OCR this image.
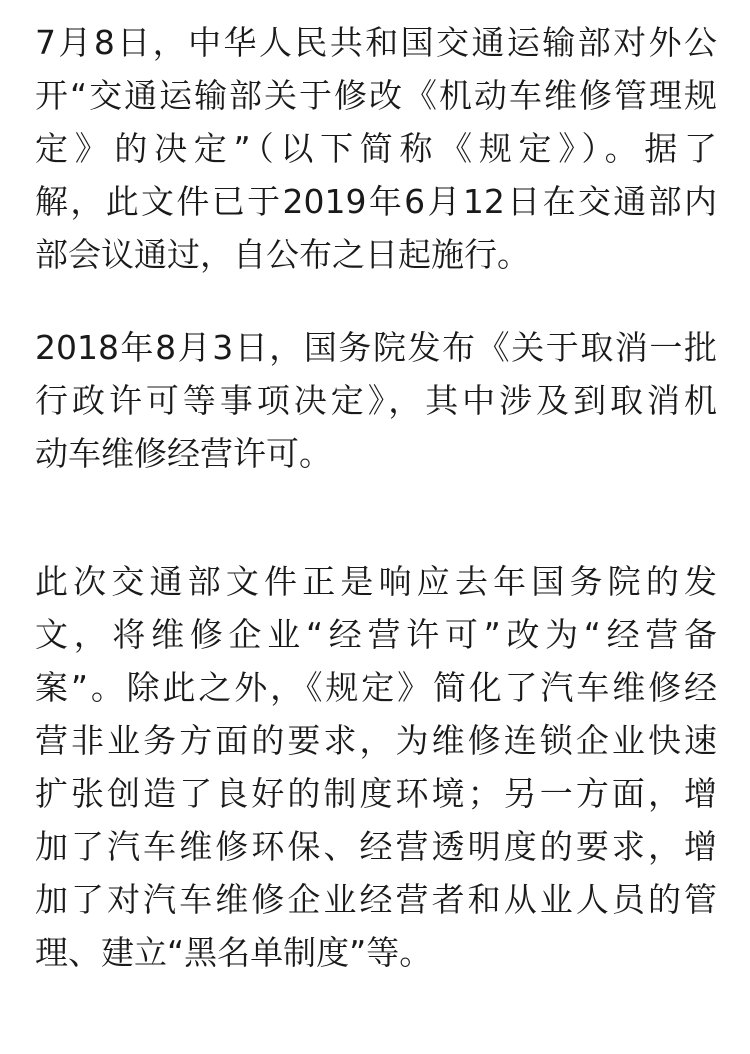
7月8日，中华人民共和国交通运输部对外公
开“交通运输部关于修改《机动车维修管理规
定》的决定”（以下简称《规定》）。据了
解，此文件已于2019年6月12日在交通部内
部会议通过，自公布之日起施行。
2018年8月3日，国务院发布《关于取消一批
行政许可等事项决定》，其中涉及到取消机
动车维修经营许可。
此次交通部文件正是响应去年国务院的发
文，将维修企业“经营许可”改为“经营备
案”。除此之外，《规定》简化了汽车维修经
营非业务方面的要求，为维修连锁企业快速
扩张创造了良好的制度环境；另一方面，增
加了汽车维修环保、经营透明度的要求，增
加了对汽车维修企业经营者和从业人员的管
理、建立“黑名单制度”等。
